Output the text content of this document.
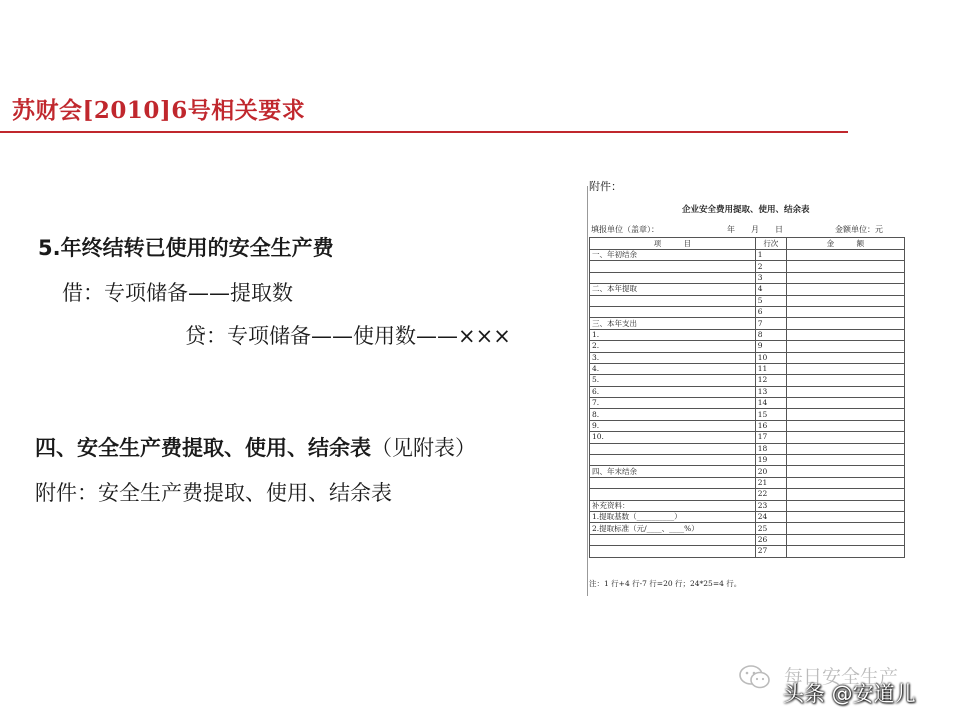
苏财会[2010]6号相关要求
5.年终结转已使用的安全生产费
借：专项储备——提取数
贷：专项储备——使用数——×××
四、安全生产费提取、使用、结余表（见附表）
附件：安全生产费提取、使用、结余表
附件：
企业安全费用提取、使用、结余表
填报单位（盖章）：	年　　月　　日	金额单位：元
项　　　目	行次	金　　　额
一、年初结余	1	
	2	
	3	
二、本年提取	4	
	5	
	6	
三、本年支出	7	
1.	8	
2.	9	
3.	10	
4.	11	
5.	12	
6.	13	
7.	14	
8.	15	
9.	16	
10.	17	
	18	
	19	
四、年末结余	20	
	21	
	22	
补充资料：	23	
1.提取基数（__________）	24	
2.提取标准（元/____、____%）	25	
	26	
	27	
注：1 行+4 行-7 行=20 行；24*25=4 行。
每日安全生产
头条 @安道儿
